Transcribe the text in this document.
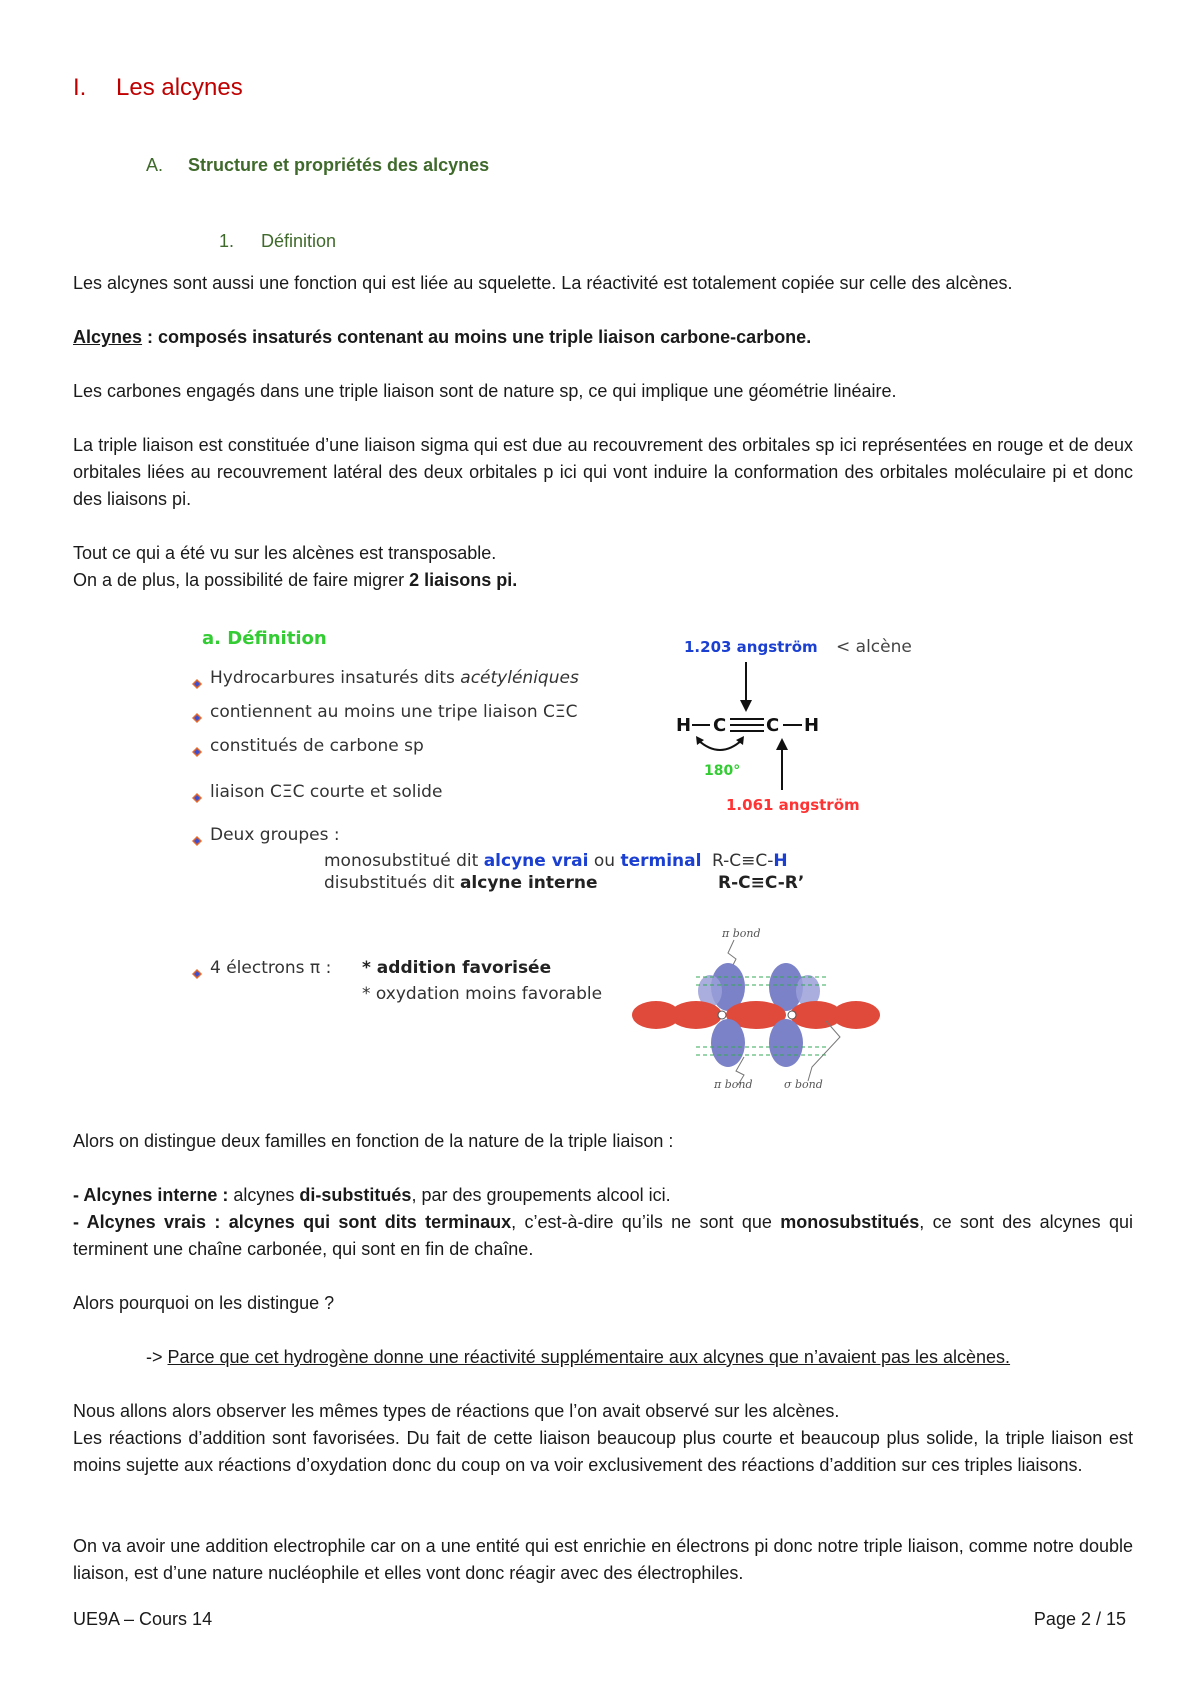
I. Les alcynes
A. Structure et propriétés des alcynes
1. Définition
Les alcynes sont aussi une fonction qui est liée au squelette. La réactivité est totalement copiée sur celle des alcènes.
Alcynes : composés insaturés contenant au moins une triple liaison carbone-carbone.
Les carbones engagés dans une triple liaison sont de nature sp, ce qui implique une géométrie linéaire.
La triple liaison est constituée d’une liaison sigma qui est due au recouvrement des orbitales sp ici représentées en rouge et de deux orbitales liées au recouvrement latéral des deux orbitales p ici qui vont induire la conformation des orbitales moléculaire pi et donc des liaisons pi.
Tout ce qui a été vu sur les alcènes est transposable.
On a de plus, la possibilité de faire migrer 2 liaisons pi.
a. Définition
Hydrocarbures insaturés dits acétyléniques
contiennent au moins une tripe liaison CΞC
constitués de carbone sp
liaison CΞC courte et solide
Deux groupes :
monosubstitué dit alcyne vrai ou terminal R-C≡C-H
disubstitués dit alcyne interne	R-C≡C-R’
4 électrons π : * addition favorisée
* oxydation moins favorable
1.203 angström < alcène
H C C H
180°
1.061 angström
π bond
π bond	σ bond
Alors on distingue deux familles en fonction de la nature de la triple liaison :
- Alcynes interne : alcynes di-substitués, par des groupements alcool ici.
- Alcynes vrais : alcynes qui sont dits terminaux, c’est-à-dire qu’ils ne sont que monosubstitués, ce sont des alcynes qui terminent une chaîne carbonée, qui sont en fin de chaîne.
Alors pourquoi on les distingue ?
-> Parce que cet hydrogène donne une réactivité supplémentaire aux alcynes que n’avaient pas les alcènes.
Nous allons alors observer les mêmes types de réactions que l’on avait observé sur les alcènes.
Les réactions d’addition sont favorisées. Du fait de cette liaison beaucoup plus courte et beaucoup plus solide, la triple liaison est moins sujette aux réactions d’oxydation donc du coup on va voir exclusivement des réactions d’addition sur ces triples liaisons.
On va avoir une addition electrophile car on a une entité qui est enrichie en électrons pi donc notre triple liaison, comme notre double liaison, est d’une nature nucléophile et elles vont donc réagir avec des électrophiles.
UE9A – Cours 14	Page 2 / 15
